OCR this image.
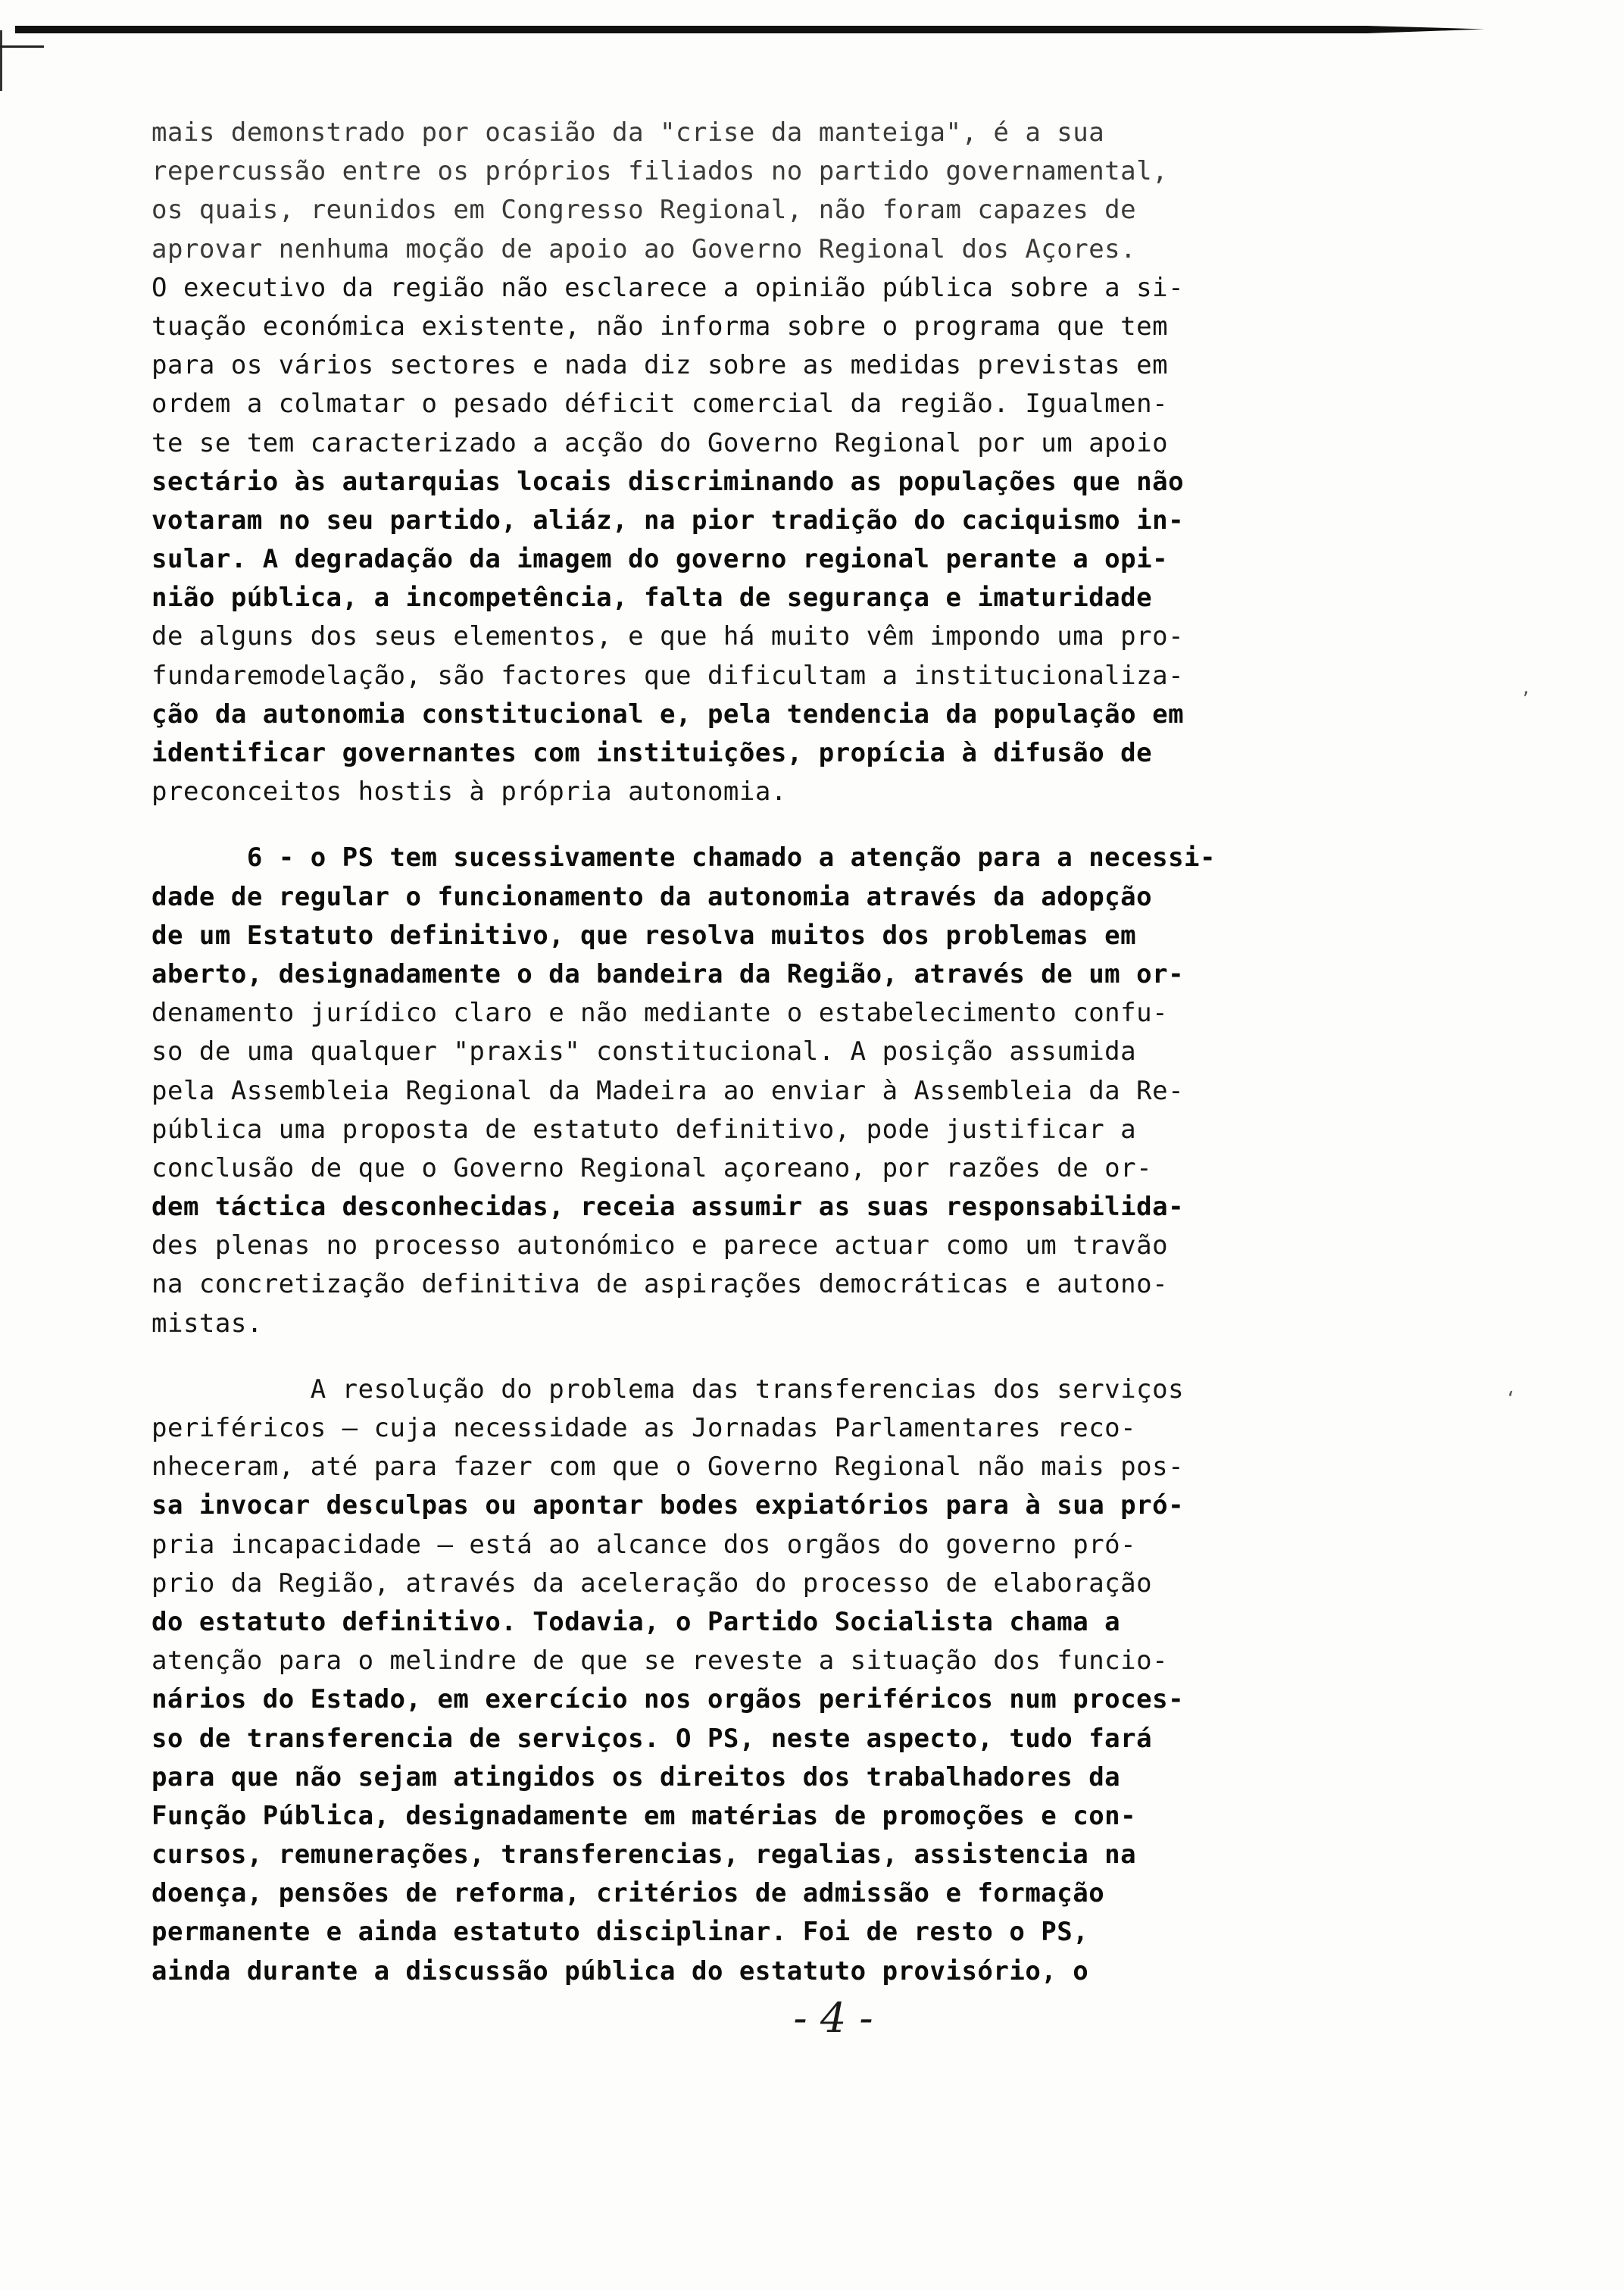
mais demonstrado por ocasião da "crise da manteiga", é a sua
repercussão entre os próprios filiados no partido governamental,
os quais, reunidos em Congresso Regional, não foram capazes de
aprovar nenhuma moção de apoio ao Governo Regional dos Açores.
O executivo da região não esclarece a opinião pública sobre a si-
tuação económica existente, não informa sobre o programa que tem
para os vários sectores e nada diz sobre as medidas previstas em
ordem a colmatar o pesado déficit comercial da região. Igualmen-
te se tem caracterizado a acção do Governo Regional por um apoio
sectário às autarquias locais discriminando as populações que não
votaram no seu partido, aliáz, na pior tradição do caciquismo in-
sular. A degradação da imagem do governo regional perante a opi-
nião pública, a incompetência, falta de segurança e imaturidade
de alguns dos seus elementos, e que há muito vêm impondo uma pro-
fundaremodelação, são factores que dificultam a institucionaliza-
ção da autonomia constitucional e, pela tendencia da população em
identificar governantes com instituições, propícia à difusão de
preconceitos hostis à própria autonomia.
6 - o PS tem sucessivamente chamado a atenção para a necessi-
dade de regular o funcionamento da autonomia através da adopção
de um Estatuto definitivo, que resolva muitos dos problemas em
aberto, designadamente o da bandeira da Região, através de um or-
denamento jurídico claro e não mediante o estabelecimento confu-
so de uma qualquer "praxis" constitucional. A posição assumida
pela Assembleia Regional da Madeira ao enviar à Assembleia da Re-
pública uma proposta de estatuto definitivo, pode justificar a
conclusão de que o Governo Regional açoreano, por razões de or-
dem táctica desconhecidas, receia assumir as suas responsabilida-
des plenas no processo autonómico e parece actuar como um travão
na concretização definitiva de aspirações democráticas e autono-
mistas.
A resolução do problema das transferencias dos serviços
periféricos — cuja necessidade as Jornadas Parlamentares reco-
nheceram, até para fazer com que o Governo Regional não mais pos-
sa invocar desculpas ou apontar bodes expiatórios para à sua pró-
pria incapacidade — está ao alcance dos orgãos do governo pró-
prio da Região, através da aceleração do processo de elaboração
do estatuto definitivo. Todavia, o Partido Socialista chama a
atenção para o melindre de que se reveste a situação dos funcio-
nários do Estado, em exercício nos orgãos periféricos num proces-
so de transferencia de serviços. O PS, neste aspecto, tudo fará
para que não sejam atingidos os direitos dos trabalhadores da
Função Pública, designadamente em matérias de promoções e con-
cursos, remunerações, transferencias, regalias, assistencia na
doença, pensões de reforma, critérios de admissão e formação
permanente e ainda estatuto disciplinar. Foi de resto o PS,
ainda durante a discussão pública do estatuto provisório, o
ʻ
,
- 4 -
